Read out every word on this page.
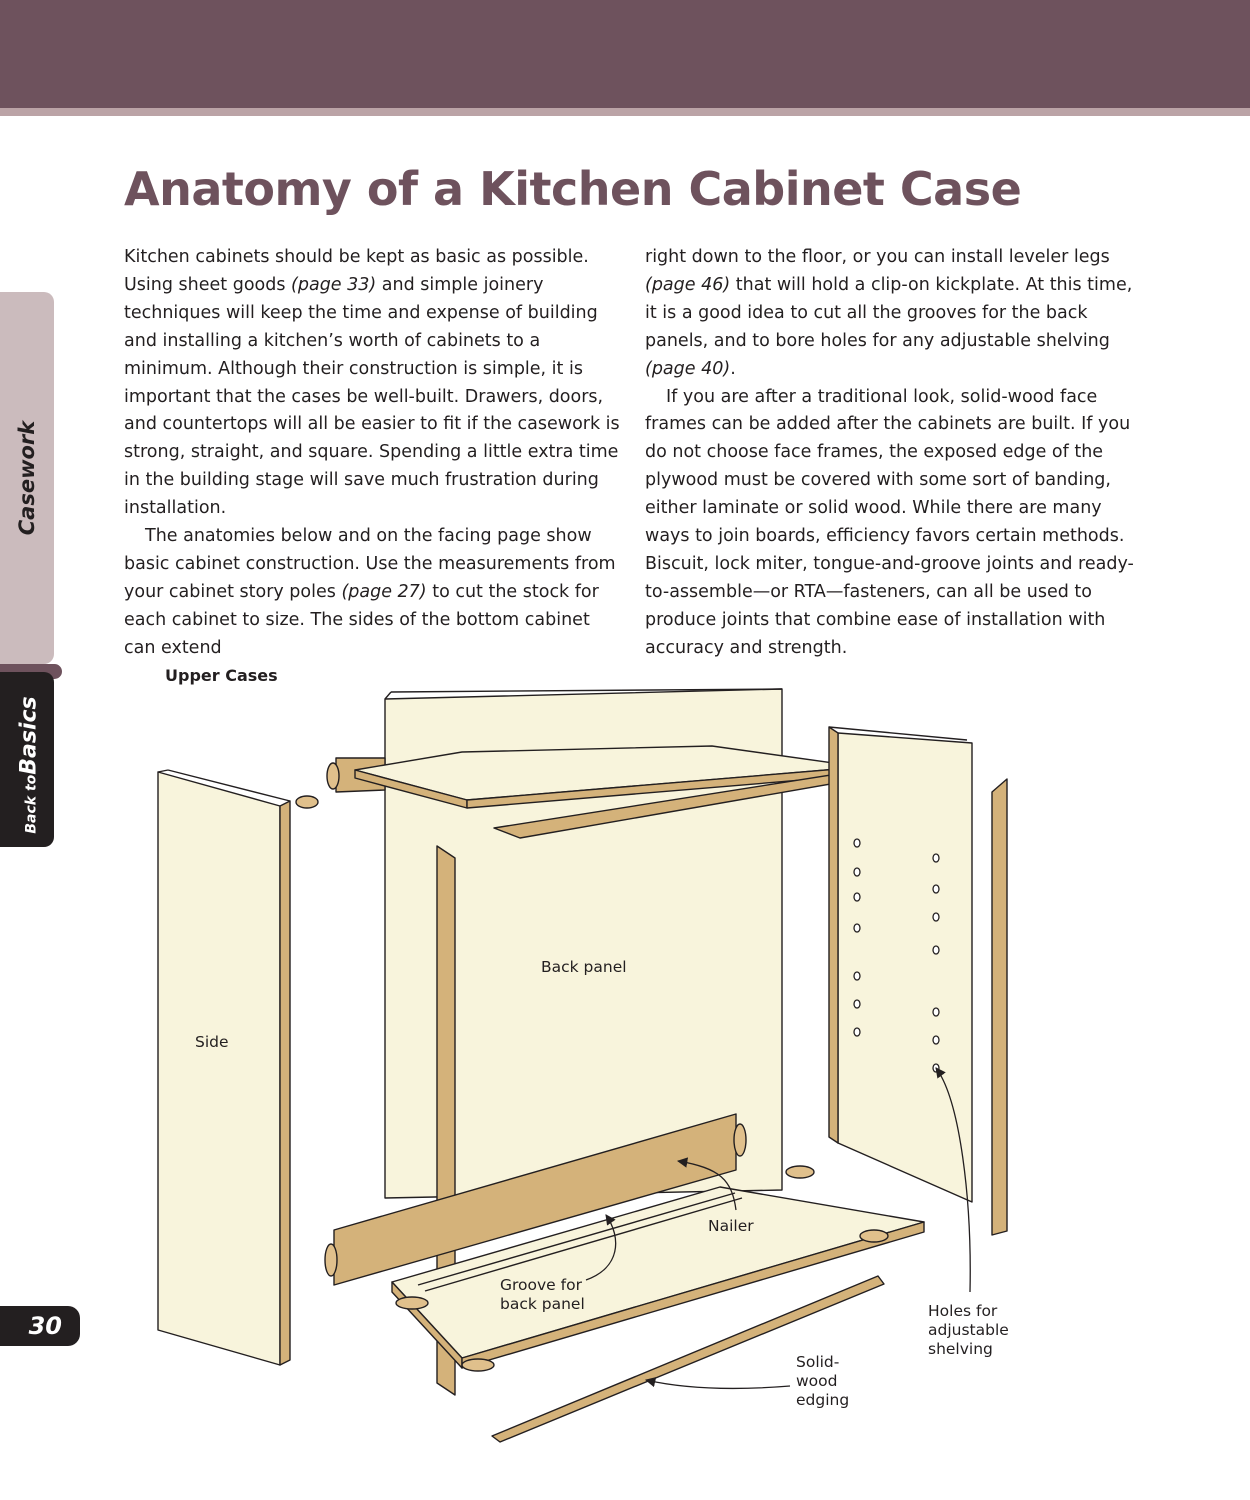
Anatomy of a Kitchen Cabinet Case

Kitchen cabinets should be kept as basic as possible. Using sheet goods (page 33) and simple joinery techniques will keep the time and expense of building and installing a kitchen’s worth of cabinets to a minimum. Although their construction is simple, it is important that the cases be well-built. Drawers, doors, and countertops will all be easier to fit if the casework is strong, straight, and square. Spending a little extra time in the building stage will save much frustration during installation.

The anatomies below and on the facing page show basic cabinet construction. Use the measurements from your cabinet story poles (page 27) to cut the stock for each cabinet to size. The sides of the bottom cabinet can extend

right down to the floor, or you can install leveler legs (page 46) that will hold a clip-on kickplate. At this time, it is a good idea to cut all the grooves for the back panels, and to bore holes for any adjustable shelving (page 40).

If you are after a traditional look, solid-wood face frames can be added after the cabinets are built. If you do not choose face frames, the exposed edge of the plywood must be covered with some sort of banding, either laminate or solid wood. While there are many ways to join boards, efficiency favors certain methods. Biscuit, lock miter, tongue-and-groove joints and ready-to-assemble—or RTA—fasteners, can all be used to produce joints that combine ease of installation with accuracy and strength.

Casework
Back toBasics
30
Upper Cases
Back panel
Side
Nailer
Groove for
back panel	Holes for
adjustable
shelving
Solid-
wood
edging
